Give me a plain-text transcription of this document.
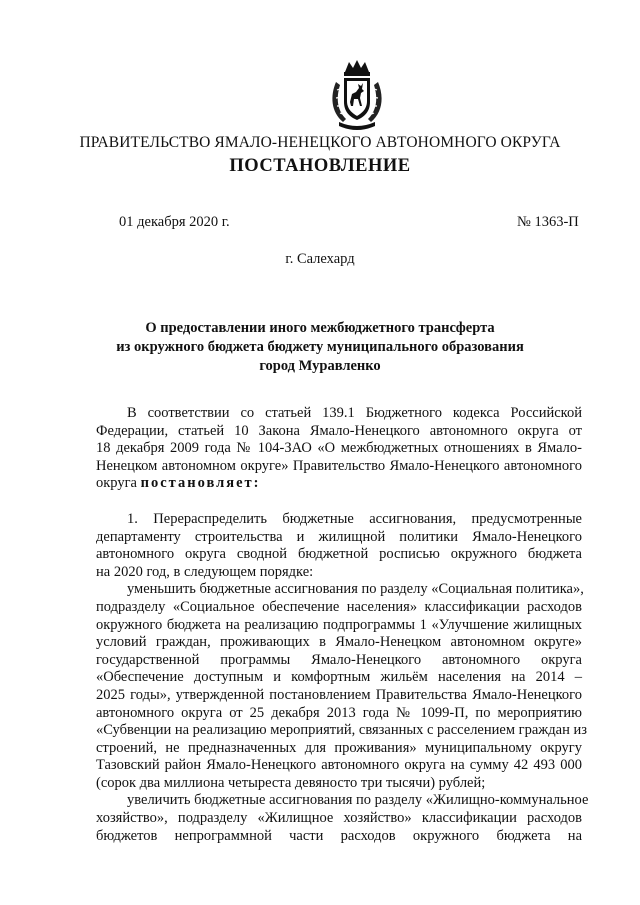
ПРАВИТЕЛЬСТВО ЯМАЛО-НЕНЕЦКОГО АВТОНОМНОГО ОКРУГА
ПОСТАНОВЛЕНИЕ
01 декабря 2020 г.	№ 1363-П
г. Салехард
О предоставлении иного межбюджетного трансферта
из окружного бюджета бюджету муниципального образования
город Муравленко
В соответствии со статьей 139.1 Бюджетного кодекса Российской
Федерации, статьей 10 Закона Ямало-Ненецкого автономного округа от
18 декабря 2009 года № 104-ЗАО «О межбюджетных отношениях в Ямало-
Ненецком автономном округе» Правительство Ямало-Ненецкого автономного
округа постановляет:
1. Перераспределить бюджетные ассигнования, предусмотренные
департаменту строительства и жилищной политики Ямало-Ненецкого
автономного округа сводной бюджетной росписью окружного бюджета
на 2020 год, в следующем порядке:
уменьшить бюджетные ассигнования по разделу «Социальная политика»,
подразделу «Социальное обеспечение населения» классификации расходов
окружного бюджета на реализацию подпрограммы 1 «Улучшение жилищных
условий граждан, проживающих в Ямало-Ненецком автономном округе»
государственной программы Ямало-Ненецкого автономного округа
«Обеспечение доступным и комфортным жильём населения на 2014 –
2025 годы», утвержденной постановлением Правительства Ямало-Ненецкого
автономного округа от 25 декабря 2013 года № 1099-П, по мероприятию
«Субвенции на реализацию мероприятий, связанных с расселением граждан из
строений, не предназначенных для проживания» муниципальному округу
Тазовский район Ямало-Ненецкого автономного округа на сумму 42 493 000
(сорок два миллиона четыреста девяносто три тысячи) рублей;
увеличить бюджетные ассигнования по разделу «Жилищно-коммунальное
хозяйство», подразделу «Жилищное хозяйство» классификации расходов
бюджетов непрограммной части расходов окружного бюджета на
